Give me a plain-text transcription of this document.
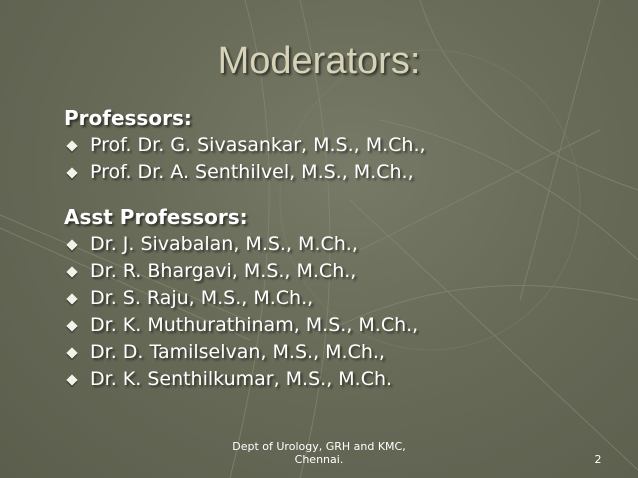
Moderators:
Professors:
Prof. Dr. G. Sivasankar, M.S., M.Ch.,
Prof. Dr. A. Senthilvel, M.S., M.Ch.,
Asst Professors:
Dr. J. Sivabalan, M.S., M.Ch.,
Dr. R. Bhargavi, M.S., M.Ch.,
Dr. S. Raju, M.S., M.Ch.,
Dr. K. Muthurathinam, M.S., M.Ch.,
Dr. D. Tamilselvan, M.S., M.Ch.,
Dr. K. Senthilkumar, M.S., M.Ch.
Dept of Urology, GRH and KMC,
Chennai.	2
